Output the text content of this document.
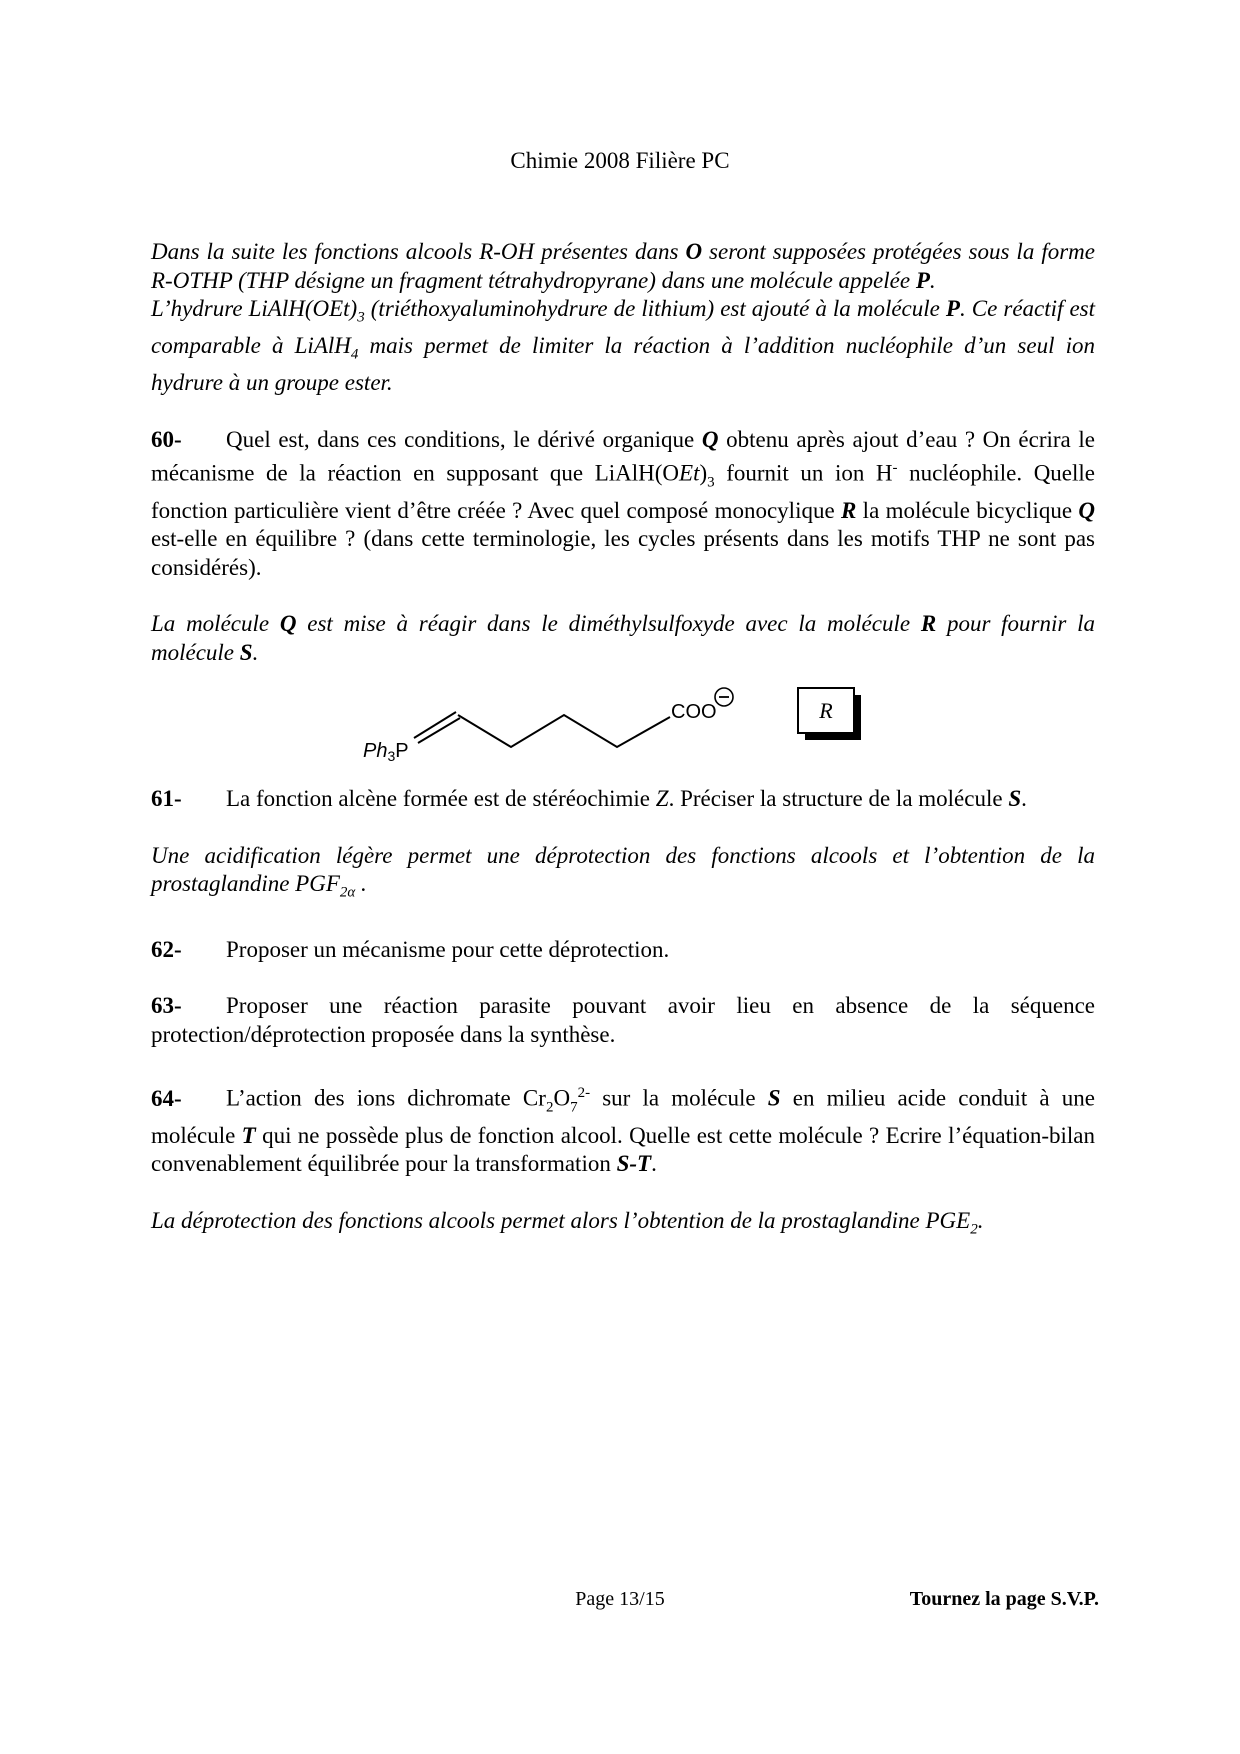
Chimie 2008 Filière PC

Dans la suite les fonctions alcools R-OH présentes dans O seront supposées protégées sous la forme R-OTHP (THP désigne un fragment tétrahydropyrane) dans une molécule appelée P.

L’hydrure $LiAlH(OEt)_3$ (triéthoxyaluminohydrure de lithium) est ajouté à la molécule P. Ce réactif est comparable à LiAlH$_4$ mais permet de limiter la réaction à l’addition nucléophile d’un seul ion hydrure à un groupe ester.

60- Quel est, dans ces conditions, le dérivé organique Q obtenu après ajout d’eau ? On écrira le mécanisme de la réaction en supposant que $LiAlH(OEt)_3$ fournit un ion H- nucléophile. Quelle fonction particulière vient d’être créée ? Avec quel composé monocylique R la molécule bicyclique Q est-elle en équilibre ? (dans cette terminologie, les cycles présents dans les motifs THP ne sont pas considérés).

La molécule Q est mise à réagir dans le diméthylsulfoxyde avec la molécule R pour fournir la molécule S.

$Ph_3P$
COO	R

61- La fonction alcène formée est de stéréochimie Z. Préciser la structure de la molécule S.

Une acidification légère permet une déprotection des fonctions alcools et l’obtention de la prostaglandine $PGF_{2\alpha}$ .

62- Proposer un mécanisme pour cette déprotection.

63- Proposer une réaction parasite pouvant avoir lieu en absence de la séquence protection/déprotection proposée dans la synthèse.

64- L’action des ions dichromate $Cr_2O_7^{2-}$ sur la molécule S en milieu acide conduit à une molécule T qui ne possède plus de fonction alcool. Quelle est cette molécule ? Ecrire l’équation-bilan convenablement équilibrée pour la transformation S-T.

La déprotection des fonctions alcools permet alors l’obtention de la prostaglandine $PGE_2$.

Page 13/15	Tournez la page S.V.P.
